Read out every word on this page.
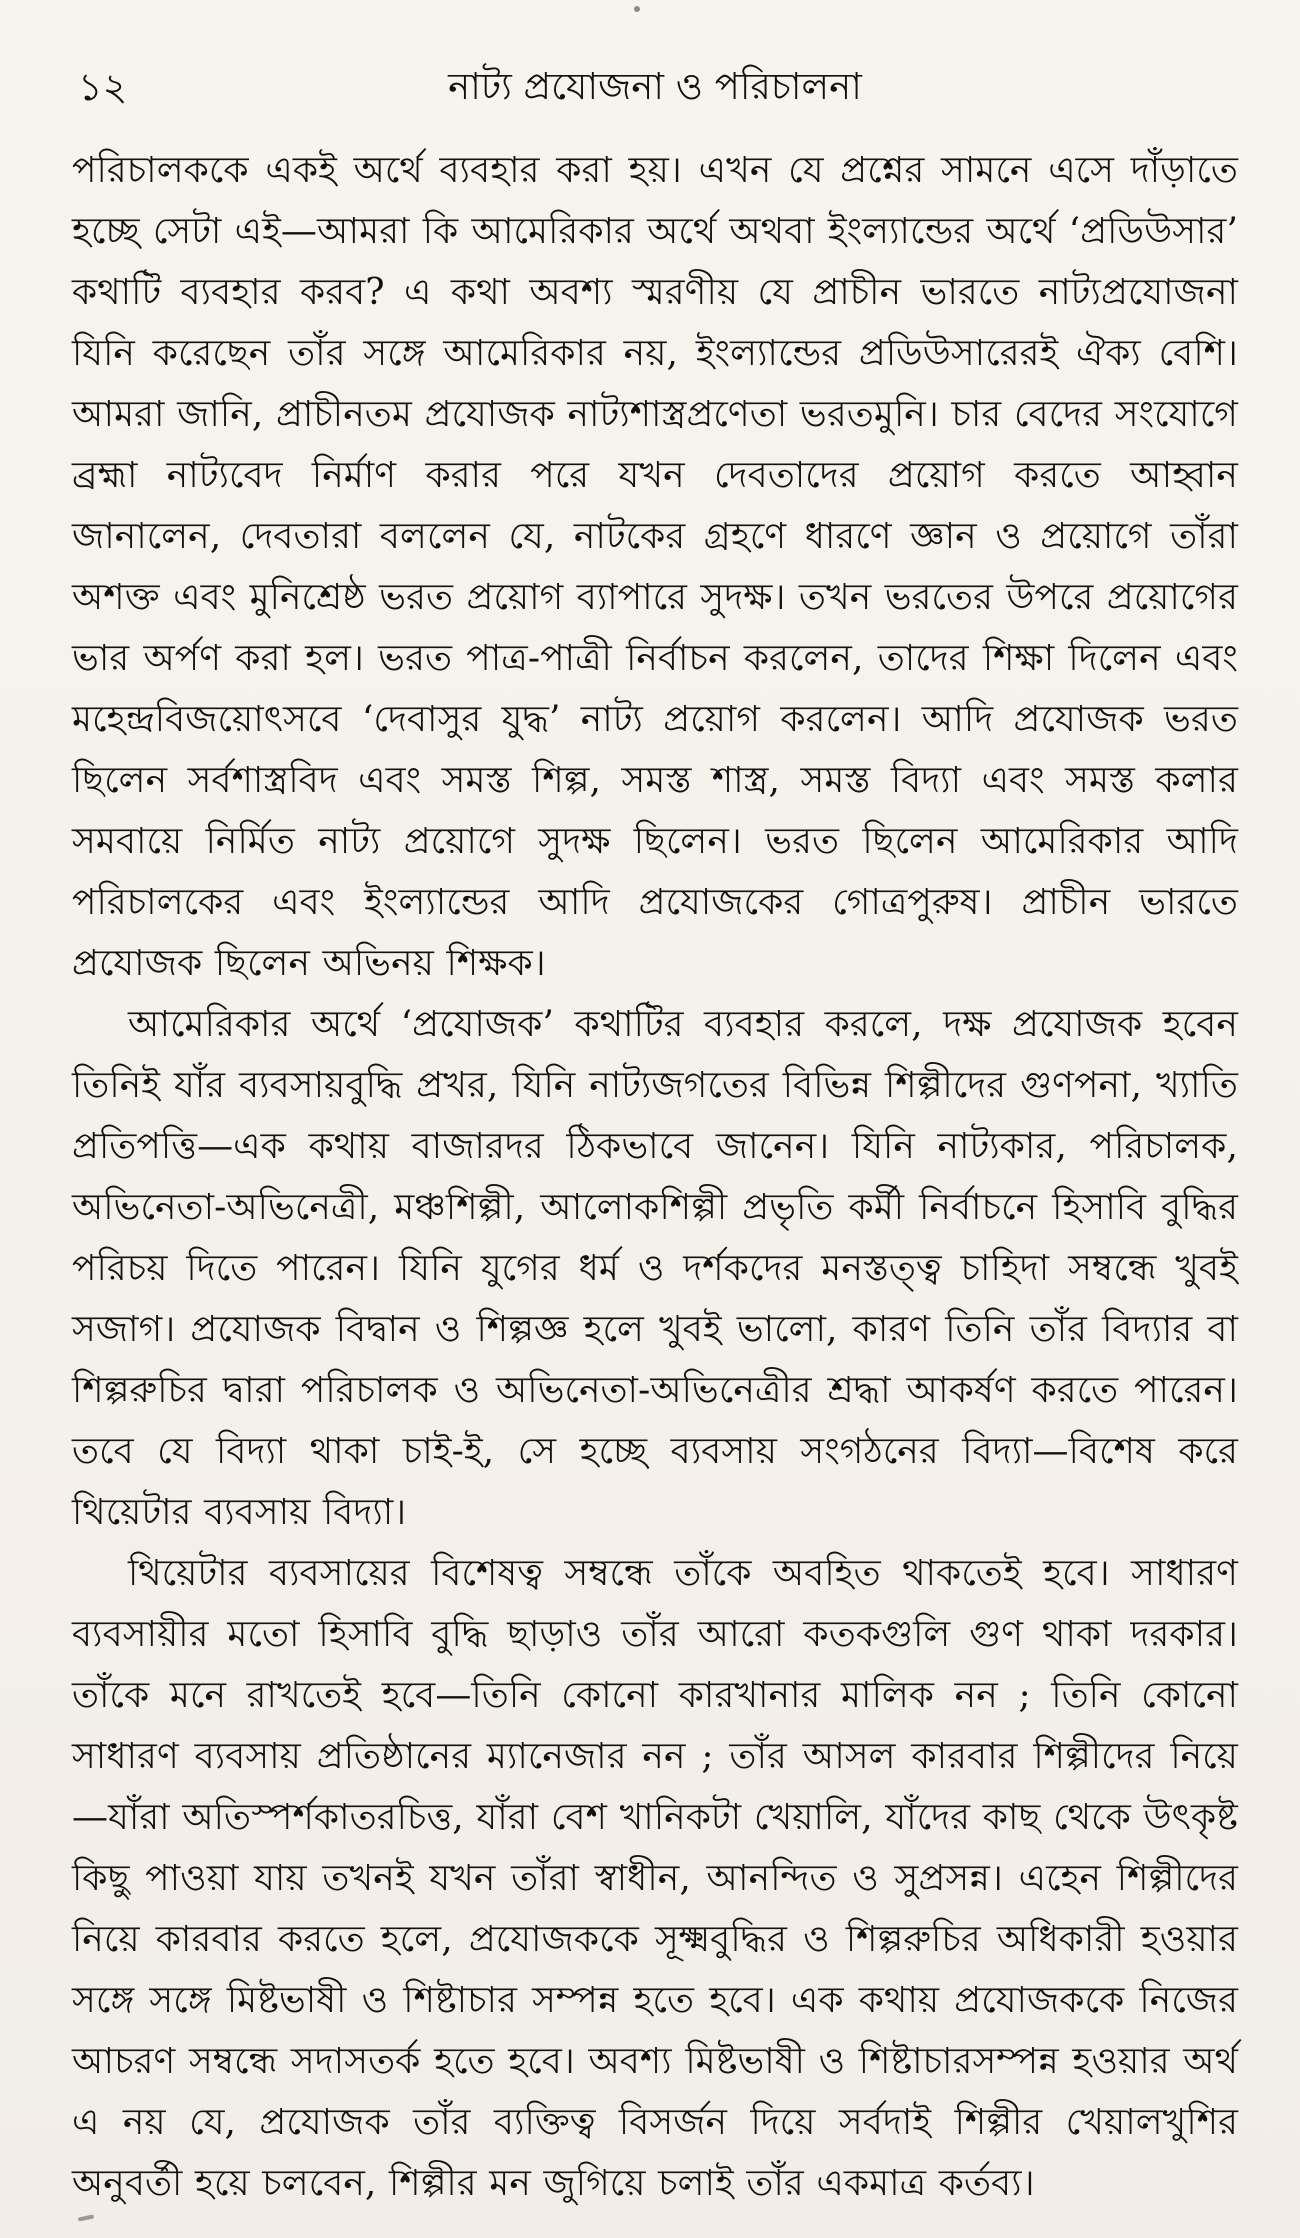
১২	নাট্য প্রযোজনা ও পরিচালনা

পরিচালককে একই অর্থে ব্যবহার করা হয়। এখন যে প্রশ্নের সামনে এসে দাঁড়াতে হচ্ছে সেটা এই—আমরা কি আমেরিকার অর্থে অথবা ইংল্যান্ডের অর্থে ‘প্রডিউসার’ কথাটি ব্যবহার করব? এ কথা অবশ্য স্মরণীয় যে প্রাচীন ভারতে নাট্যপ্রযোজনা যিনি করেছেন তাঁর সঙ্গে আমেরিকার নয়, ইংল্যান্ডের প্রডিউসারেরই ঐক্য বেশি। আমরা জানি, প্রাচীনতম প্রযোজক নাট্যশাস্ত্রপ্রণেতা ভরতমুনি। চার বেদের সংযোগে ব্রহ্মা নাট্যবেদ নির্মাণ করার পরে যখন দেবতাদের প্রয়োগ করতে আহ্বান জানালেন, দেবতারা বললেন যে, নাটকের গ্রহণে ধারণে জ্ঞান ও প্রয়োগে তাঁরা অশক্ত এবং মুনিশ্রেষ্ঠ ভরত প্রয়োগ ব্যাপারে সুদক্ষ। তখন ভরতের উপরে প্রয়োগের ভার অর্পণ করা হল। ভরত পাত্র-পাত্রী নির্বাচন করলেন, তাদের শিক্ষা দিলেন এবং মহেন্দ্রবিজয়োৎসবে ‘দেবাসুর যুদ্ধ’ নাট্য প্রয়োগ করলেন। আদি প্রযোজক ভরত ছিলেন সর্বশাস্ত্রবিদ এবং সমস্ত শিল্প, সমস্ত শাস্ত্র, সমস্ত বিদ্যা এবং সমস্ত কলার সমবায়ে নির্মিত নাট্য প্রয়োগে সুদক্ষ ছিলেন। ভরত ছিলেন আমেরিকার আদি পরিচালকের এবং ইংল্যান্ডের আদি প্রযোজকের গোত্রপুরুষ। প্রাচীন ভারতে প্রযোজক ছিলেন অভিনয় শিক্ষক।

আমেরিকার অর্থে ‘প্রযোজক’ কথাটির ব্যবহার করলে, দক্ষ প্রযোজক হবেন তিনিই যাঁর ব্যবসায়বুদ্ধি প্রখর, যিনি নাট্যজগতের বিভিন্ন শিল্পীদের গুণপনা, খ্যাতি প্রতিপত্তি—এক কথায় বাজারদর ঠিকভাবে জানেন। যিনি নাট্যকার, পরিচালক, অভিনেতা-অভিনেত্রী, মঞ্চশিল্পী, আলোকশিল্পী প্রভৃতি কর্মী নির্বাচনে হিসাবি বুদ্ধির পরিচয় দিতে পারেন। যিনি যুগের ধর্ম ও দর্শকদের মনস্তত্ত্ব চাহিদা সম্বন্ধে খুবই সজাগ। প্রযোজক বিদ্বান ও শিল্পজ্ঞ হলে খুবই ভালো, কারণ তিনি তাঁর বিদ্যার বা শিল্পরুচির দ্বারা পরিচালক ও অভিনেতা-অভিনেত্রীর শ্রদ্ধা আকর্ষণ করতে পারেন। তবে যে বিদ্যা থাকা চাই-ই, সে হচ্ছে ব্যবসায় সংগঠনের বিদ্যা—বিশেষ করে থিয়েটার ব্যবসায় বিদ্যা।

থিয়েটার ব্যবসায়ের বিশেষত্ব সম্বন্ধে তাঁকে অবহিত থাকতেই হবে। সাধারণ ব্যবসায়ীর মতো হিসাবি বুদ্ধি ছাড়াও তাঁর আরো কতকগুলি গুণ থাকা দরকার। তাঁকে মনে রাখতেই হবে—তিনি কোনো কারখানার মালিক নন ; তিনি কোনো সাধারণ ব্যবসায় প্রতিষ্ঠানের ম্যানেজার নন ; তাঁর আসল কারবার শিল্পীদের নিয়ে—যাঁরা অতিস্পর্শকাতরচিত্ত, যাঁরা বেশ খানিকটা খেয়ালি, যাঁদের কাছ থেকে উৎকৃষ্ট কিছু পাওয়া যায় তখনই যখন তাঁরা স্বাধীন, আনন্দিত ও সুপ্রসন্ন। এহেন শিল্পীদের নিয়ে কারবার করতে হলে, প্রযোজককে সূক্ষ্মবুদ্ধির ও শিল্পরুচির অধিকারী হওয়ার সঙ্গে সঙ্গে মিষ্টভাষী ও শিষ্টাচার সম্পন্ন হতে হবে। এক কথায় প্রযোজককে নিজের আচরণ সম্বন্ধে সদাসতর্ক হতে হবে। অবশ্য মিষ্টভাষী ও শিষ্টাচারসম্পন্ন হওয়ার অর্থ এ নয় যে, প্রযোজক তাঁর ব্যক্তিত্ব বিসর্জন দিয়ে সর্বদাই শিল্পীর খেয়ালখুশির অনুবর্তী হয়ে চলবেন, শিল্পীর মন জুগিয়ে চলাই তাঁর একমাত্র কর্তব্য।
